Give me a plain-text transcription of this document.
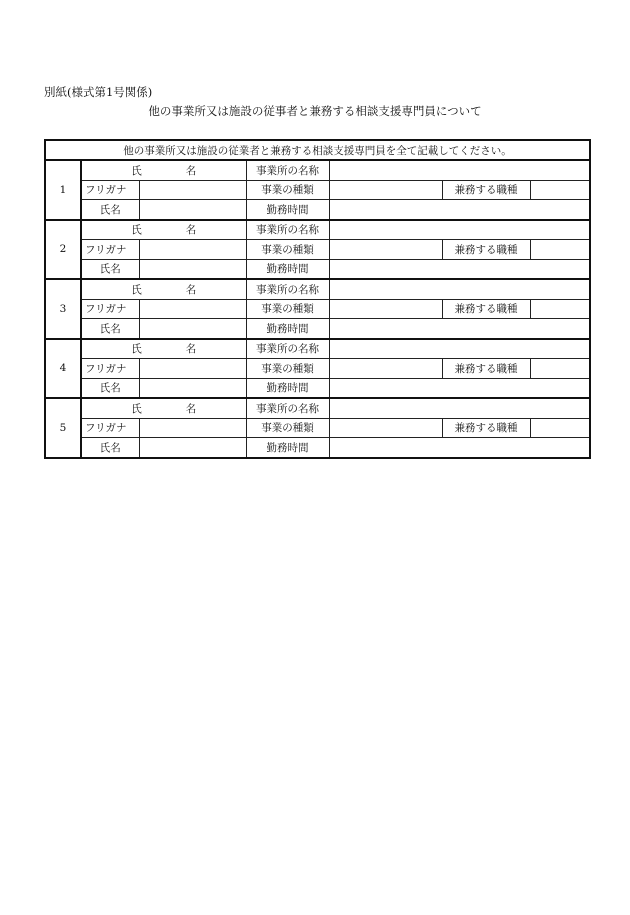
別紙(様式第1号関係)
他の事業所又は施設の従事者と兼務する相談支援専門員について
他の事業所又は施設の従業者と兼務する相談支援専門員を全て記載してください。						
1	氏 名		事業所の名称			
	フリガナ		事業の種類		兼務する職種	
	氏名		勤務時間			
2	氏 名		事業所の名称			
	フリガナ		事業の種類		兼務する職種	
	氏名		勤務時間			
3	氏 名		事業所の名称			
	フリガナ		事業の種類		兼務する職種	
	氏名		勤務時間			
4	氏 名		事業所の名称			
	フリガナ		事業の種類		兼務する職種	
	氏名		勤務時間			
5	氏 名		事業所の名称			
	フリガナ		事業の種類		兼務する職種	
	氏名		勤務時間			
